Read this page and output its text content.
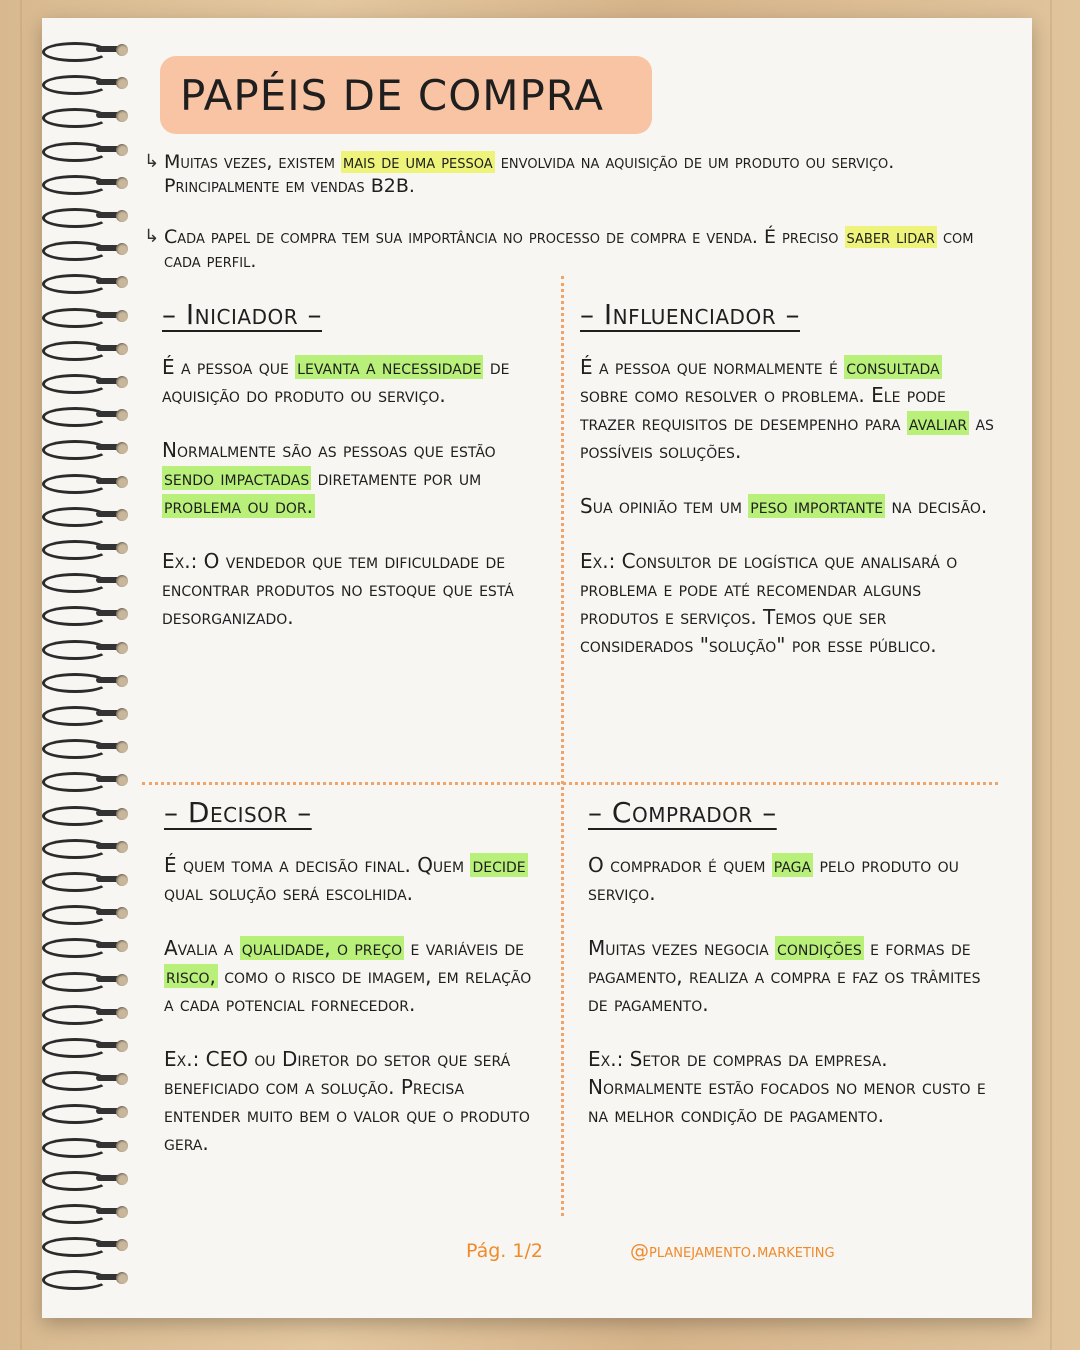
PAPÉIS DE COMPRA
↳ Muitas vezes, existem mais de uma pessoa envolvida na aquisição de um produto ou serviço. Principalmente em vendas B2B.
↳ Cada papel de compra tem sua importância no processo de compra e venda. É preciso saber lidar com cada perfil.
– Iniciador –

É a pessoa que levanta a necessidade de aquisição do produto ou serviço.

Normalmente são as pessoas que estão sendo impactadas diretamente por um problema ou dor.

Ex.: O vendedor que tem dificuldade de encontrar produtos no estoque que está desorganizado.

– Influenciador –

É a pessoa que normalmente é consultada sobre como resolver o problema. Ele pode trazer requisitos de desempenho para avaliar as possíveis soluções.

Sua opinião tem um peso importante na decisão.

Ex.: Consultor de logística que analisará o problema e pode até recomendar alguns produtos e serviços. Temos que ser considerados "solução" por esse público.

– Decisor –

É quem toma a decisão final. Quem decide qual solução será escolhida.

Avalia a qualidade, o preço e variáveis de risco, como o risco de imagem, em relação a cada potencial fornecedor.

Ex.: CEO ou Diretor do setor que será beneficiado com a solução. Precisa entender muito bem o valor que o produto gera.

– Comprador –

O comprador é quem paga pelo produto ou serviço.

Muitas vezes negocia condições e formas de pagamento, realiza a compra e faz os trâmites de pagamento.

Ex.: Setor de compras da empresa. Normalmente estão focados no menor custo e na melhor condição de pagamento.

Pág. 1/2	@planejamento.marketing
